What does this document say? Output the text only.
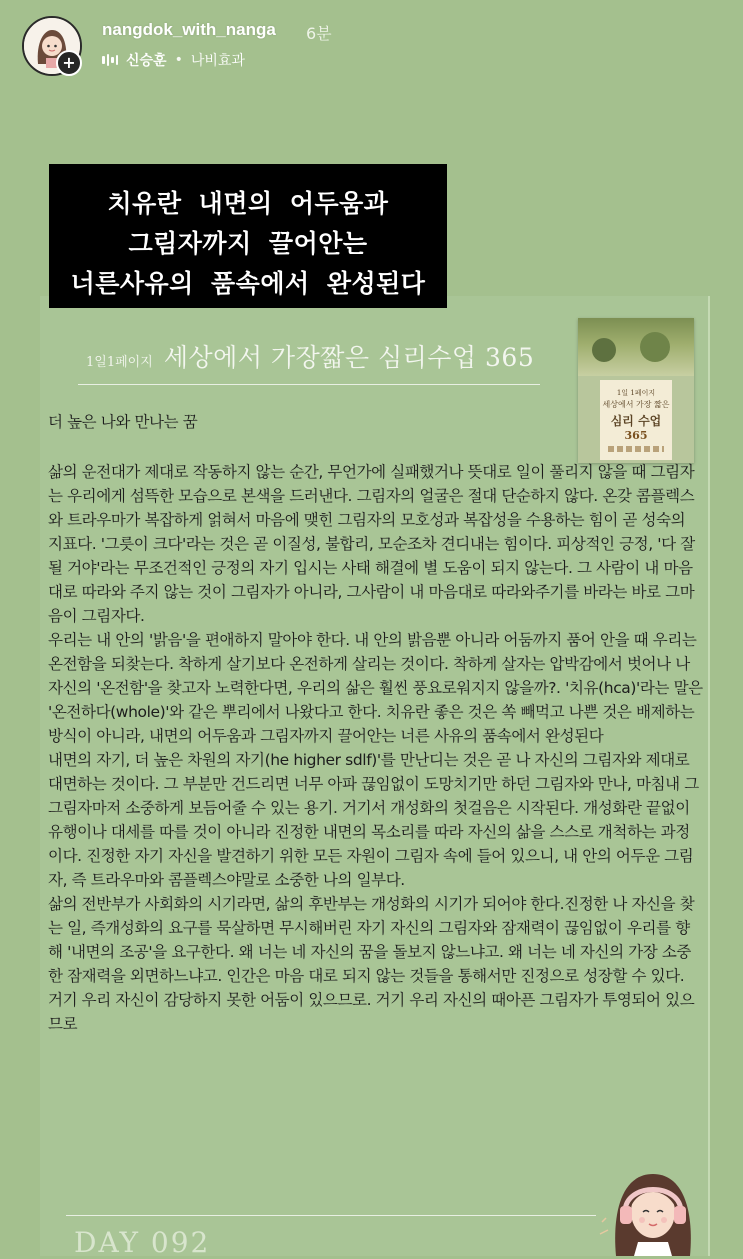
+
nangdok_with_nanga 6분
신승훈 • 나비효과
치유란 내면의 어두움과
그림자까지 끌어안는
너른사유의 품속에서 완성된다
1일1페이지 세상에서 가장짧은 심리수업 365
1일 1페이지
세상에서 가장 짧은
심리 수업
365

더 높은 나와 만나는 꿈

삶의 운전대가 제대로 작동하지 않는 순간, 무언가에 실패했거나 뜻대로 일이 풀리지 않을 때 그림자는 우리에게 섬뜩한 모습으로 본색을 드러낸다. 그림자의 얼굴은 절대 단순하지 않다. 온갖 콤플렉스와 트라우마가 복잡하게 얽혀서 마음에 맺힌 그림자의 모호성과 복잡성을 수용하는 힘이 곧 성숙의 지표다. '그릇이 크다'라는 것은 곧 이질성, 불합리, 모순조차 견디내는 힘이다. 피상적인 긍정, '다 잘 될 거야'라는 무조건적인 긍정의 자기 입시는 사태 해결에 별 도움이 되지 않는다. 그 사람이 내 마음대로 따라와 주지 않는 것이 그림자가 아니라, 그사람이 내 마음대로 따라와주기를 바라는 바로 그마음이 그림자다.

우리는 내 안의 '밝음'을 편애하지 말아야 한다. 내 안의 밝음뿐 아니라 어둠까지 품어 안을 때 우리는 온전함을 되찾는다. 착하게 살기보다 온전하게 살리는 것이다. 착하게 살자는 압박감에서 벗어나 나 자신의 '온전함'을 찾고자 노력한다면, 우리의 삶은 훨씬 풍요로워지지 않을까?. '치유(hca)'라는 말은 '온전하다(whole)'와 같은 뿌리에서 나왔다고 한다. 치유란 좋은 것은 쏙 빼먹고 나쁜 것은 배제하는 방식이 아니라, 내면의 어두움과 그림자까지 끌어안는 너른 사유의 품속에서 완성된다

내면의 자기, 더 높은 차원의 자기(he higher sdlf)'를 만난디는 것은 곧 나 자신의 그림자와 제대로 대면하는 것이다. 그 부분만 건드리면 너무 아파 끊임없이 도망치기만 하던 그림자와 만나, 마침내 그 그림자마저 소중하게 보듬어줄 수 있는 용기. 거기서 개성화의 첫걸음은 시작된다. 개성화란 끝없이 유행이나 대세를 따를 것이 아니라 진정한 내면의 목소리를 따라 자신의 삶을 스스로 개척하는 과정이다. 진정한 자기 자신을 발견하기 위한 모든 자원이 그림자 속에 들어 있으니, 내 안의 어두운 그림자, 즉 트라우마와 콤플렉스야말로 소중한 나의 일부다.

삶의 전반부가 사회화의 시기라면, 삶의 후반부는 개성화의 시기가 되어야 한다.진정한 나 자신을 찾는 일, 즉개성화의 요구를 묵살하면 무시해버린 자기 자신의 그림자와 잠재력이 끊임없이 우리를 향해 '내면의 조공'을 요구한다. 왜 너는 네 자신의 꿈을 돌보지 않느냐고. 왜 너는 네 자신의 가장 소중한 잠재력을 외면하느냐고. 인간은 마음 대로 되지 않는 것들을 통해서만 진정으로 성장할 수 있다. 거기 우리 자신이 감당하지 못한 어둠이 있으므로. 거기 우리 자신의 때아픈 그림자가 투영되어 있으므로

DAY 092
